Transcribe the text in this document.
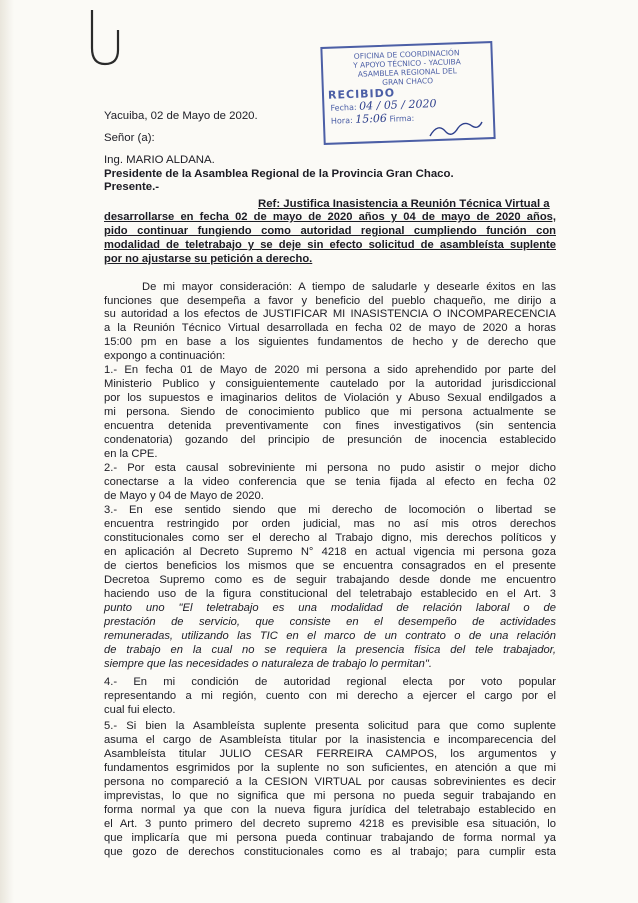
OFICINA DE COORDINACIÓN
Y APOYO TÉCNICO - YACUIBA
ASAMBLEA REGIONAL DEL
GRAN CHACO
RECIBIDO
Fecha: 04 / 05 / 2020
Hora: 15:06 Firma:
Yacuiba, 02 de Mayo de 2020.
Señor (a):
Ing. MARIO ALDANA.
Presidente de la Asamblea Regional de la Provincia Gran Chaco.
Presente.-
Ref: Justifica Inasistencia a Reunión Técnica Virtual a
desarrollarse en fecha 02 de mayo de 2020 años y 04 de mayo de 2020 años,
pido continuar fungiendo como autoridad regional cumpliendo función con
modalidad de teletrabajo y se deje sin efecto solicitud de asambleísta suplente
por no ajustarse su petición a derecho.
De mi mayor consideración: A tiempo de saludarle y desearle éxitos en las
funciones que desempeña a favor y beneficio del pueblo chaqueño, me dirijo a
su autoridad a los efectos de JUSTIFICAR MI INASISTENCIA O INCOMPARECENCIA
a la Reunión Técnico Virtual desarrollada en fecha 02 de mayo de 2020 a horas
15:00 pm en base a los siguientes fundamentos de hecho y de derecho que
expongo a continuación:
1.- En fecha 01 de Mayo de 2020 mi persona a sido aprehendido por parte del
Ministerio Publico y consiguientemente cautelado por la autoridad jurisdiccional
por los supuestos e imaginarios delitos de Violación y Abuso Sexual endilgados a
mi persona. Siendo de conocimiento publico que mi persona actualmente se
encuentra detenida preventivamente con fines investigativos (sin sentencia
condenatoria) gozando del principio de presunción de inocencia establecido
en la CPE.
2.- Por esta causal sobreviniente mi persona no pudo asistir o mejor dicho
conectarse a la video conferencia que se tenia fijada al efecto en fecha 02
de Mayo y 04 de Mayo de 2020.
3.- En ese sentido siendo que mi derecho de locomoción o libertad se
encuentra restringido por orden judicial, mas no así mis otros derechos
constitucionales como ser el derecho al Trabajo digno, mis derechos políticos y
en aplicación al Decreto Supremo N° 4218 en actual vigencia mi persona goza
de ciertos beneficios los mismos que se encuentra consagrados en el presente
Decretoa Supremo como es de seguir trabajando desde donde me encuentro
haciendo uso de la figura constitucional del teletrabajo establecido en el Art. 3
punto uno "El teletrabajo es una modalidad de relación laboral o de
prestación de servicio, que consiste en el desempeño de actividades
remuneradas, utilizando las TIC en el marco de un contrato o de una relación
de trabajo en la cual no se requiera la presencia física del tele trabajador,
siempre que las necesidades o naturaleza de trabajo lo permitan".
4.- En mi condición de autoridad regional electa por voto popular
representando a mi región, cuento con mi derecho a ejercer el cargo por el
cual fui electo.
5.- Si bien la Asambleísta suplente presenta solicitud para que como suplente
asuma el cargo de Asambleísta titular por la inasistencia e incomparecencia del
Asambleísta titular JULIO CESAR FERREIRA CAMPOS, los argumentos y
fundamentos esgrimidos por la suplente no son suficientes, en atención a que mi
persona no compareció a la CESION VIRTUAL por causas sobrevinientes es decir
imprevistas, lo que no significa que mi persona no pueda seguir trabajando en
forma normal ya que con la nueva figura jurídica del teletrabajo establecido en
el Art. 3 punto primero del decreto supremo 4218 es previsible esa situación, lo
que implicaría que mi persona pueda continuar trabajando de forma normal ya
que gozo de derechos constitucionales como es al trabajo; para cumplir esta
